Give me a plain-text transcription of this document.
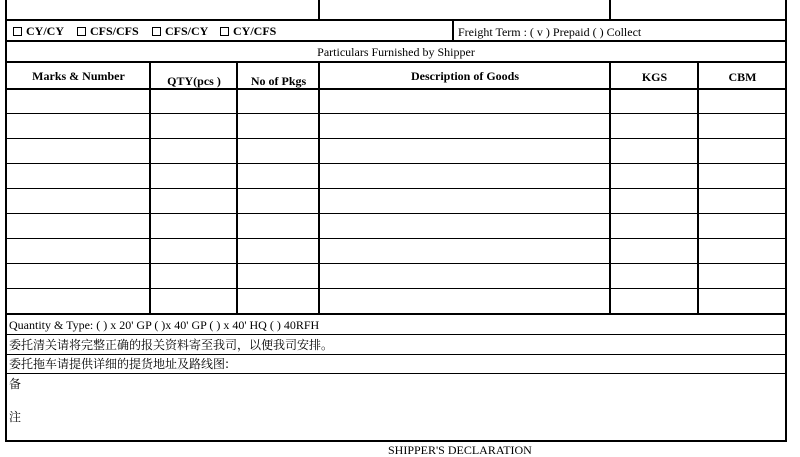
CY/CY	CFS/CFS	CFS/CY	CY/CFS	Freight Term : ( v ) Prepaid ( ) Collect
Particulars Furnished by Shipper
Marks & Number	QTY(pcs )	No of Pkgs	Description of Goods	KGS	CBM
Quantity & Type: ( ) x 20' GP ( )x 40' GP ( ) x 40' HQ ( ) 40RFH
委托清关请将完整正确的报关资料寄至我司，以便我司安排。
委托拖车请提供详细的提货地址及路线图:
备
注
SHIPPER'S DECLARATION
